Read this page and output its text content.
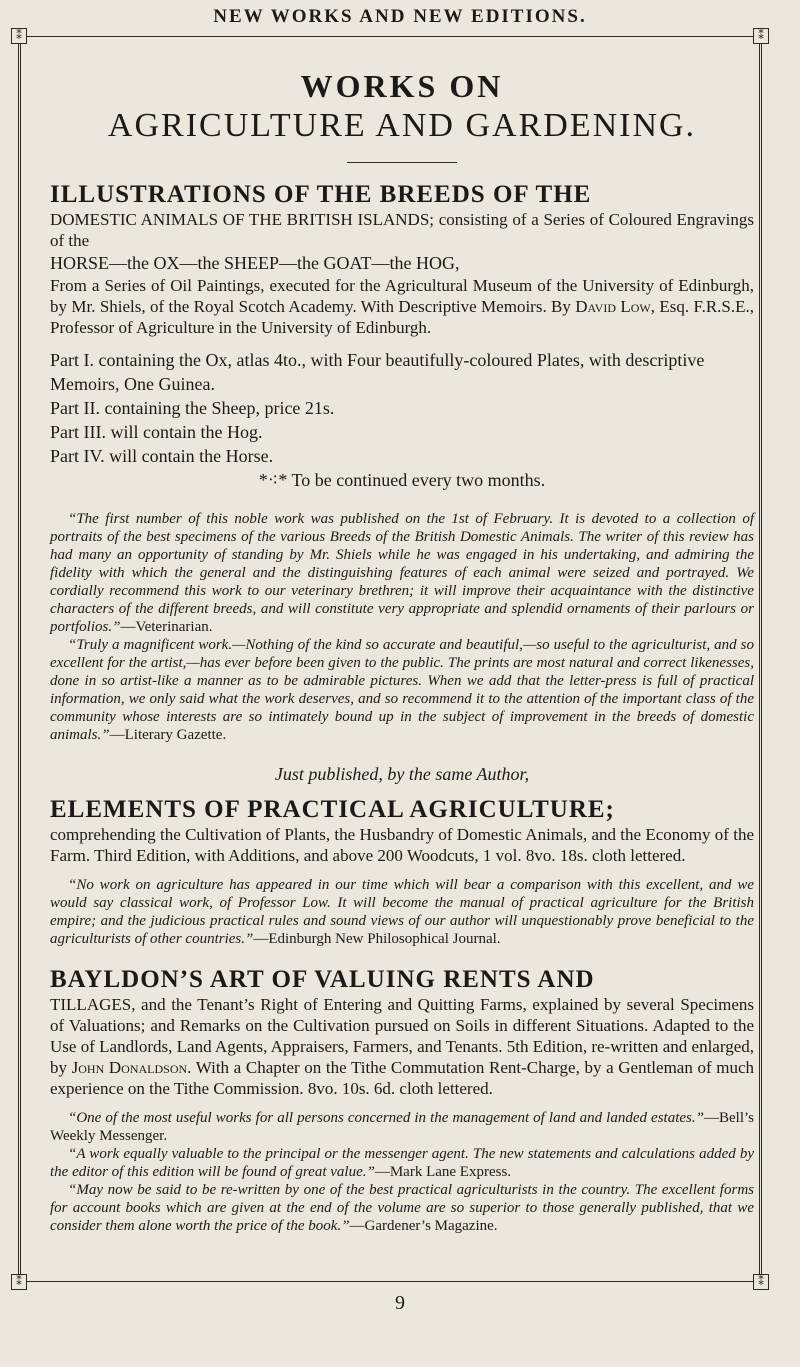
NEW WORKS AND NEW EDITIONS.
⁑	⁑
⁑	⁑
WORKS ON
AGRICULTURE AND GARDENING.
ILLUSTRATIONS OF THE BREEDS OF THE

DOMESTIC ANIMALS OF THE BRITISH ISLANDS; consisting of a Series of Coloured Engravings of the

HORSE—the OX—the SHEEP—the GOAT—the HOG,

From a Series of Oil Paintings, executed for the Agricultural Museum of the University of Edinburgh, by Mr. Shiels, of the Royal Scotch Academy. With Descriptive Memoirs. By David Low, Esq. F.R.S.E., Professor of Agriculture in the University of Edinburgh.

Part I. containing the Ox, atlas 4to., with Four beautifully-coloured Plates, with descriptive Memoirs, One Guinea.

Part II. containing the Sheep, price 21s.

Part III. will contain the Hog.

Part IV. will contain the Horse.

*⁖* To be continued every two months.

“The first number of this noble work was published on the 1st of February. It is devoted to a collection of portraits of the best specimens of the various Breeds of the British Domestic Animals. The writer of this review has had many an opportunity of standing by Mr. Shiels while he was engaged in his undertaking, and admiring the fidelity with which the general and the distinguishing features of each animal were seized and portrayed. We cordially recommend this work to our veterinary brethren; it will improve their acquaintance with the distinctive characters of the different breeds, and will constitute very appropriate and splendid ornaments of their parlours or portfolios.”—Veterinarian.

“Truly a magnificent work.—Nothing of the kind so accurate and beautiful,—so useful to the agriculturist, and so excellent for the artist,—has ever before been given to the public. The prints are most natural and correct likenesses, done in so artist-like a manner as to be admirable pictures. When we add that the letter-press is full of practical information, we only said what the work deserves, and so recommend it to the attention of the important class of the community whose interests are so intimately bound up in the subject of improvement in the breeds of domestic animals.”—Literary Gazette.

Just published, by the same Author,

ELEMENTS OF PRACTICAL AGRICULTURE;

comprehending the Cultivation of Plants, the Husbandry of Domestic Animals, and the Economy of the Farm. Third Edition, with Additions, and above 200 Woodcuts, 1 vol. 8vo. 18s. cloth lettered.

“No work on agriculture has appeared in our time which will bear a comparison with this excellent, and we would say classical work, of Professor Low. It will become the manual of practical agriculture for the British empire; and the judicious practical rules and sound views of our author will unquestionably prove beneficial to the agriculturists of other countries.”—Edinburgh New Philosophical Journal.

BAYLDON’S ART OF VALUING RENTS AND

TILLAGES, and the Tenant’s Right of Entering and Quitting Farms, explained by several Specimens of Valuations; and Remarks on the Cultivation pursued on Soils in different Situations. Adapted to the Use of Landlords, Land Agents, Appraisers, Farmers, and Tenants. 5th Edition, re-written and enlarged, by John Donaldson. With a Chapter on the Tithe Commutation Rent-Charge, by a Gentleman of much experience on the Tithe Commission. 8vo. 10s. 6d. cloth lettered.

“One of the most useful works for all persons concerned in the management of land and landed estates.”—Bell’s Weekly Messenger.

“A work equally valuable to the principal or the messenger agent. The new statements and calculations added by the editor of this edition will be found of great value.”—Mark Lane Express.

“May now be said to be re-written by one of the best practical agriculturists in the country. The excellent forms for account books which are given at the end of the volume are so superior to those generally published, that we consider them alone worth the price of the book.”—Gardener’s Magazine.

9
